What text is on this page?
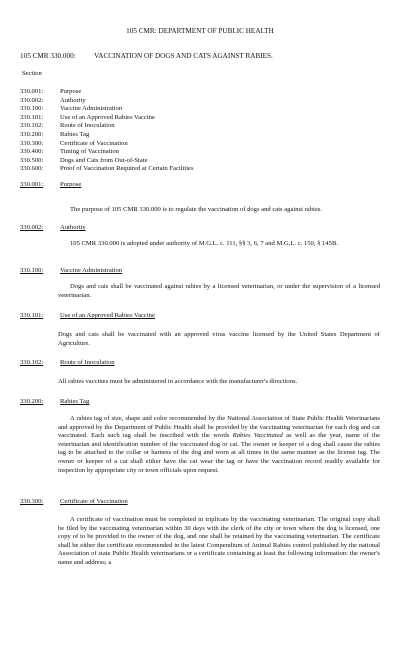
105 CMR: DEPARTMENT OF PUBLIC HEALTH
105 CMR 330.000:	VACCINATION OF DOGS AND CATS AGAINST RABIES.
Section
330.001:	Purpose
330.002:	Authority
330.100:	Vaccine Administration
330.101:	Use of an Approved Rabies Vaccine
330.102:	Route of Inoculation
330.200:	Rabies Tag
330.300:	Certificate of Vaccination
330.400:	Timing of Vaccination
330.500:	Dogs and Cats from Out-of-State
330.600:	Proof of Vaccination Required at Certain Facilities
330.001:	Purpose

The purpose of 105 CMR 330.000 is to regulate the vaccination of dogs and cats against rabies.

330.002:	Authority

105 CMR 330.000 is adopted under authority of M.G.L. c. 111, §§ 3, 6, 7 and M.G.L. c. 150, § 145B.

330.100:	Vaccine Administration

Dogs and cats shall be vaccinated against rabies by a licensed veterinarian, or under the supervision of a licensed veterinarian.

330.101:	Use of an Approved Rabies Vaccine

Dogs and cats shall be vaccinated with an approved virus vaccine licensed by the United States Department of Agriculture.

330.102:	Route of Inoculation

All rabies vaccines must be administered in accordance with the manufacturer's directions.

330.200:	Rabies Tag

A rabies tag of size, shape and color recommended by the National Association of State Public Health Veterinarians and approved by the Department of Public Health shall be provided by the vaccinating veterinarian for each dog and cat vaccinated. Each such tag shall be inscribed with the words Rabies Vaccinated as well as the year, name of the veterinarian and identification number of the vaccinated dog or cat. The owner or keeper of a dog shall cause the rabies tag to be attached to the collar or harness of the dog and worn at all times in the same manner as the license tag. The owner or keeper of a cat shall either have the cat wear the tag or have the vaccination record readily available for inspection by appropriate city or town officials upon request.

330.300:	Certificate of Vaccination

A certificate of vaccination must be completed in triplicate by the vaccinating veterinarian. The original copy shall be filed by the vaccinating veterinarian within 30 days with the clerk of the city or town where the dog is licensed, one copy of to be provided to the owner of the dog, and one shall be retained by the vaccinating veterinarian. The certificate shall be either the certificate recommended in the latest Compendium of Animal Rabies control published by the national Association of state Public Health veterinarians or a certificate containing at least the following information: the owner's name and address; a
